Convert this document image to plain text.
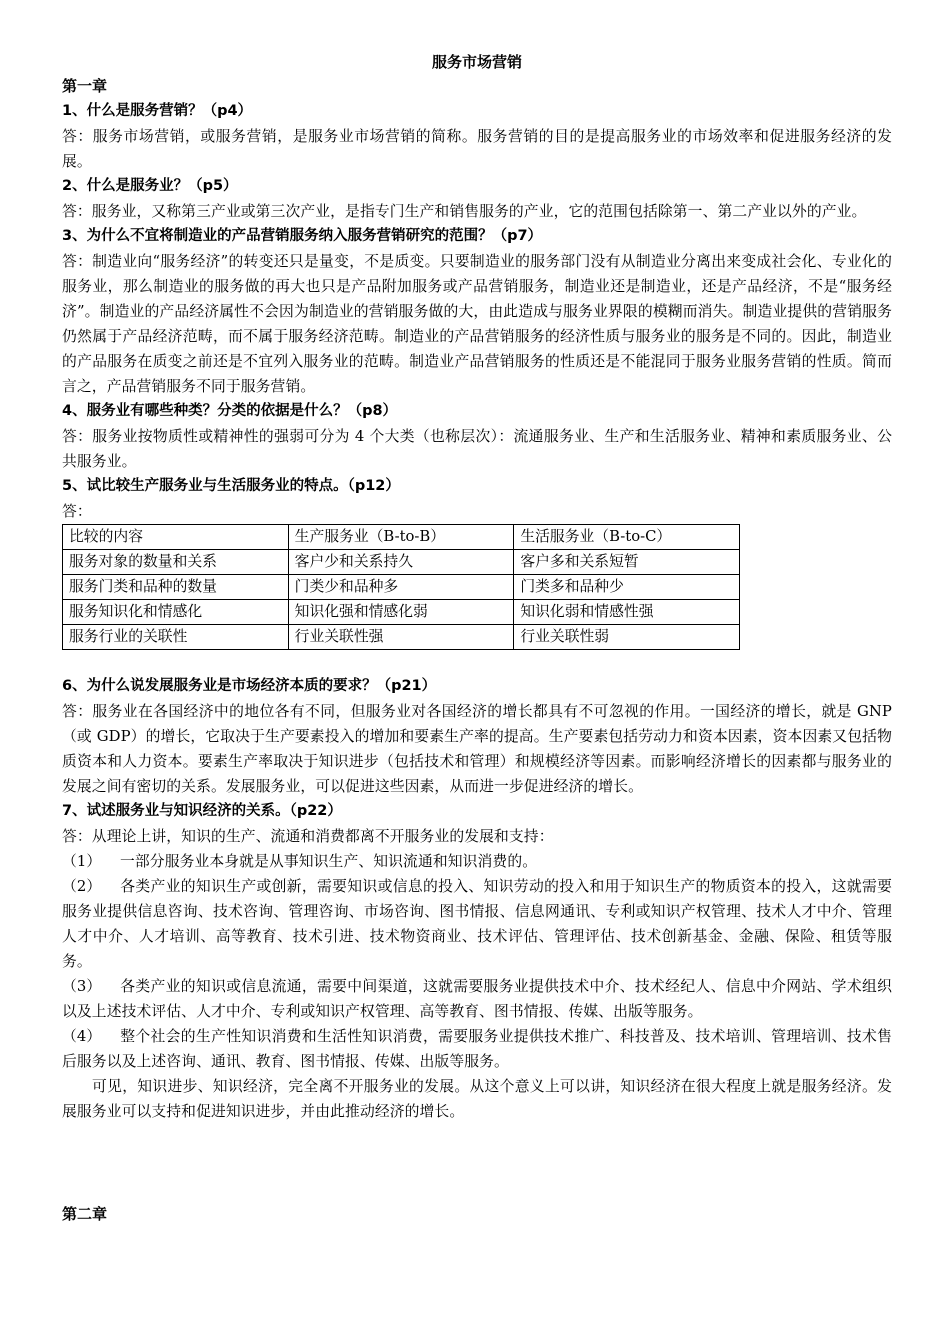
服务市场营销

第一章

1、什么是服务营销？（p4）

答：服务市场营销，或服务营销，是服务业市场营销的简称。服务营销的目的是提高服务业的市场效率和促进服务经济的发展。

2、什么是服务业？（p5）

答：服务业，又称第三产业或第三次产业，是指专门生产和销售服务的产业，它的范围包括除第一、第二产业以外的产业。

3、为什么不宜将制造业的产品营销服务纳入服务营销研究的范围？（p7）

答：制造业向“服务经济”的转变还只是量变，不是质变。只要制造业的服务部门没有从制造业分离出来变成社会化、专业化的服务业，那么制造业的服务做的再大也只是产品附加服务或产品营销服务，制造业还是制造业，还是产品经济，不是“服务经济”。制造业的产品经济属性不会因为制造业的营销服务做的大，由此造成与服务业界限的模糊而消失。制造业提供的营销服务仍然属于产品经济范畴，而不属于服务经济范畴。制造业的产品营销服务的经济性质与服务业的服务是不同的。因此，制造业的产品服务在质变之前还是不宜列入服务业的范畴。制造业产品营销服务的性质还是不能混同于服务业服务营销的性质。简而言之，产品营销服务不同于服务营销。

4、服务业有哪些种类？分类的依据是什么？（p8）

答：服务业按物质性或精神性的强弱可分为 4 个大类（也称层次）：流通服务业、生产和生活服务业、精神和素质服务业、公共服务业。

5、试比较生产服务业与生活服务业的特点。（p12）

答：

比较的内容	生产服务业（B-to-B）	生活服务业（B-to-C）
服务对象的数量和关系	客户少和关系持久	客户多和关系短暂
服务门类和品种的数量	门类少和品种多	门类多和品种少
服务知识化和情感化	知识化强和情感化弱	知识化弱和情感性强
服务行业的关联性	行业关联性强	行业关联性弱

6、为什么说发展服务业是市场经济本质的要求？（p21）

答：服务业在各国经济中的地位各有不同，但服务业对各国经济的增长都具有不可忽视的作用。一国经济的增长，就是 GNP（或 GDP）的增长，它取决于生产要素投入的增加和要素生产率的提高。生产要素包括劳动力和资本因素，资本因素又包括物质资本和人力资本。要素生产率取决于知识进步（包括技术和管理）和规模经济等因素。而影响经济增长的因素都与服务业的发展之间有密切的关系。发展服务业，可以促进这些因素，从而进一步促进经济的增长。

7、试述服务业与知识经济的关系。（p22）

答：从理论上讲，知识的生产、流通和消费都离不开服务业的发展和支持：

（1） 一部分服务业本身就是从事知识生产、知识流通和知识消费的。

（2） 各类产业的知识生产或创新，需要知识或信息的投入、知识劳动的投入和用于知识生产的物质资本的投入，这就需要服务业提供信息咨询、技术咨询、管理咨询、市场咨询、图书情报、信息网通讯、专利或知识产权管理、技术人才中介、管理人才中介、人才培训、高等教育、技术引进、技术物资商业、技术评估、管理评估、技术创新基金、金融、保险、租赁等服务。

（3） 各类产业的知识或信息流通，需要中间渠道，这就需要服务业提供技术中介、技术经纪人、信息中介网站、学术组织以及上述技术评估、人才中介、专利或知识产权管理、高等教育、图书情报、传媒、出版等服务。

（4） 整个社会的生产性知识消费和生活性知识消费，需要服务业提供技术推广、科技普及、技术培训、管理培训、技术售后服务以及上述咨询、通讯、教育、图书情报、传媒、出版等服务。

可见，知识进步、知识经济，完全离不开服务业的发展。从这个意义上可以讲，知识经济在很大程度上就是服务经济。发展服务业可以支持和促进知识进步，并由此推动经济的增长。

第二章
